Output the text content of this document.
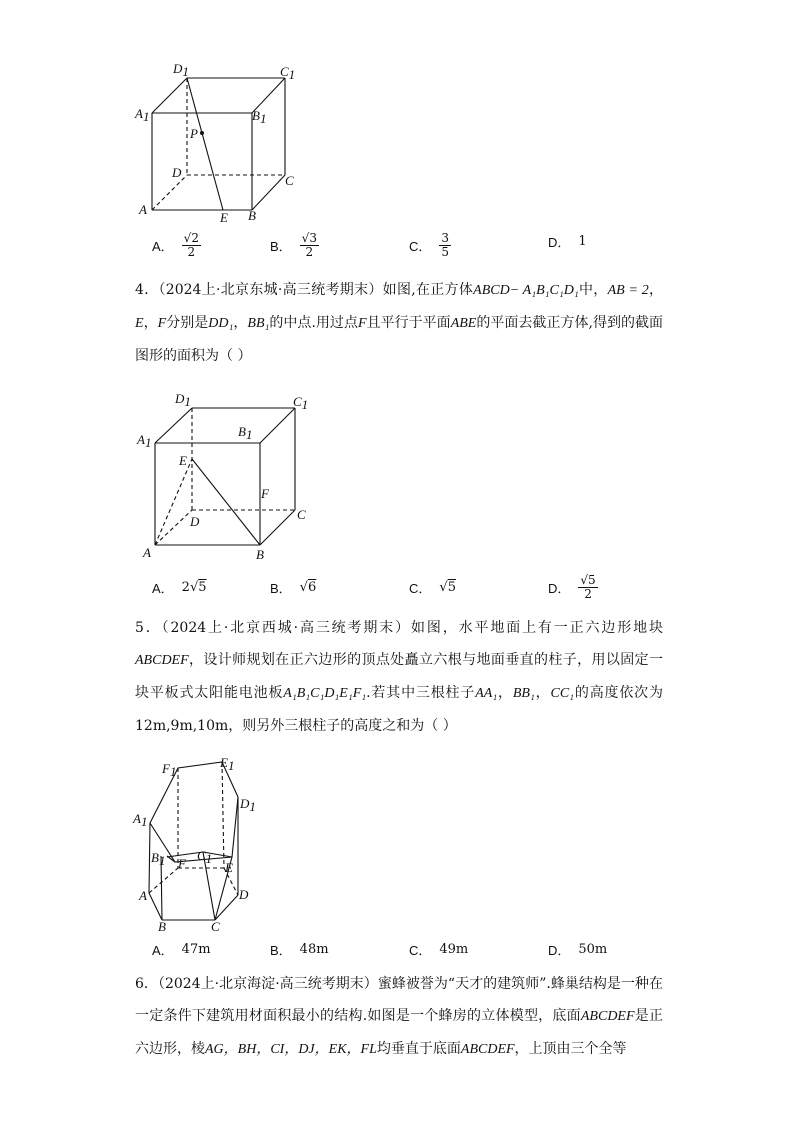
D1	C1
A1	B1
P
D
C
A
E B
A． $\frac{√2}{2}$	B． $\frac{√3}{2}$	C． $\frac{3}{5}$	D． 1

4．（2024上·北京东城·高三统考期末）如图,在正方体ABCD− A₁B₁C₁D₁中，AB = 2，E，F分别是DD₁，BB₁的中点.用过点F且平行于平面ABE的平面去截正方体,得到的截面图形的面积为（ ）

D1	C1
A1
B1
E
F
D	C
A	B
A． 2 √ 5	B． √ 6	C． √ 5	D． $\frac{√5}{2}$

5．（2024上·北京西城·高三统考期末）如图，水平地面上有一正六边形地块ABCDEF，设计师规划在正六边形的顶点处矗立六根与地面垂直的柱子，用以固定一块平板式太阳能电池板A₁B₁C₁D₁E₁F₁.若其中三根柱子AA₁，BB₁，CC₁的高度依次为12m,9m,10m，则另外三根柱子的高度之和为（ ）

F1
E1
A1
D1
B1 C1
F	E
A	D
B	C
A． 47m	B． 48m	C． 49m	D． 50m

6．（2024上·北京海淀·高三统考期末）蜜蜂被誉为“天才的建筑师”.蜂巢结构是一种在一定条件下建筑用材面积最小的结构.如图是一个蜂房的立体模型，底面ABCDEF是正六边形，棱AG，BH，CI，DJ，EK，FL均垂直于底面ABCDEF，上顶由三个全等
